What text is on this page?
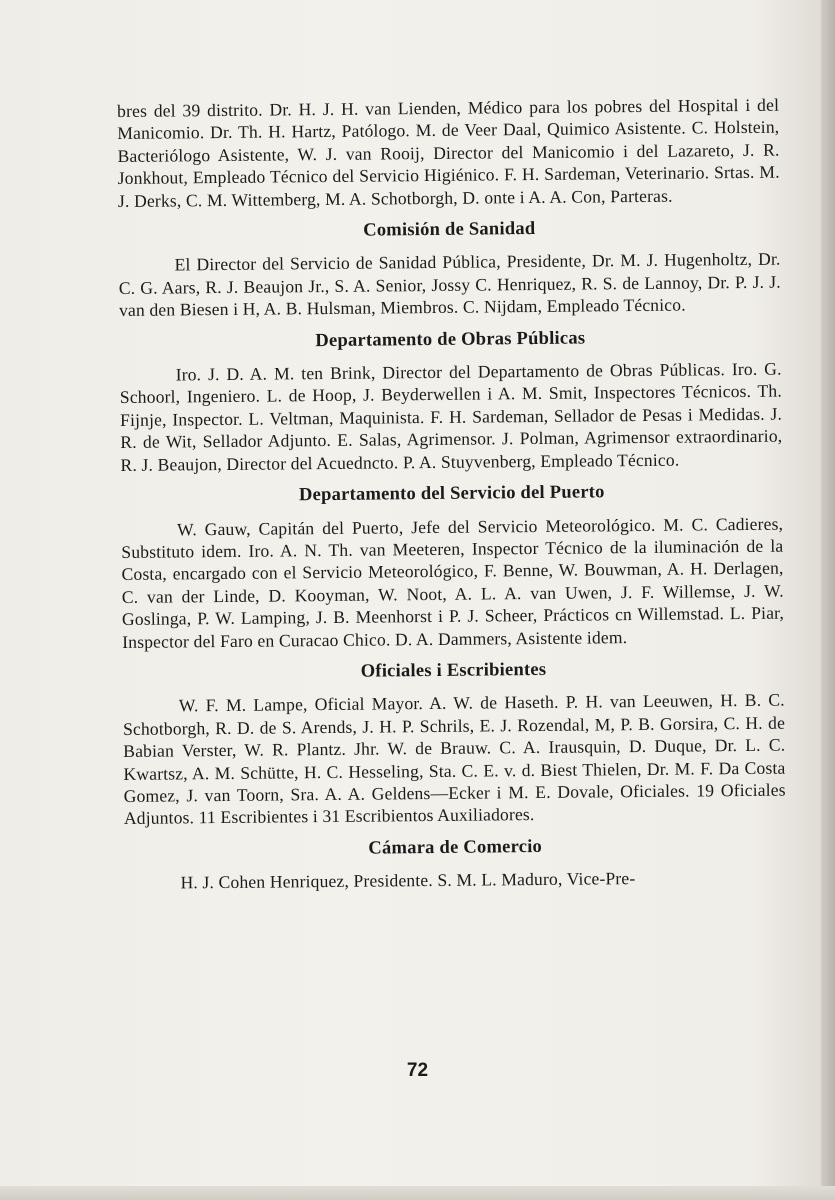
bres del 39 distrito. Dr. H. J. H. van Lienden, Médico para los pobres del Hospital i del Manicomio. Dr. Th. H. Hartz, Patólogo. M. de Veer Daal, Quimico Asistente. C. Holstein, Bacteriólogo Asistente, W. J. van Rooij, Director del Manicomio i del Lazareto, J. R. Jonkhout, Empleado Técnico del Servicio Higiénico. F. H. Sardeman, Veterinario. Srtas. M. J. Derks, C. M. Wittemberg, M. A. Schotborgh, D. onte i A. A. Con, Parteras.

Comisión de Sanidad

El Director del Servicio de Sanidad Pública, Presidente, Dr. M. J. Hugenholtz, Dr. C. G. Aars, R. J. Beaujon Jr., S. A. Senior, Jossy C. Henriquez, R. S. de Lannoy, Dr. P. J. J. van den Biesen i H, A. B. Hulsman, Miembros. C. Nijdam, Empleado Técnico.

Departamento de Obras Públicas

Iro. J. D. A. M. ten Brink, Director del Departamento de Obras Públicas. Iro. G. Schoorl, Ingeniero. L. de Hoop, J. Beyderwellen i A. M. Smit, Inspectores Técnicos. Th. Fijnje, Inspector. L. Veltman, Maquinista. F. H. Sardeman, Sellador de Pesas i Medidas. J. R. de Wit, Sellador Adjunto. E. Salas, Agrimensor. J. Polman, Agrimensor extraordinario, R. J. Beaujon, Director del Acuedncto. P. A. Stuyvenberg, Empleado Técnico.

Departamento del Servicio del Puerto

W. Gauw, Capitán del Puerto, Jefe del Servicio Meteorológico. M. C. Cadieres, Substituto idem. Iro. A. N. Th. van Meeteren, Inspector Técnico de la iluminación de la Costa, encargado con el Servicio Meteorológico, F. Benne, W. Bouwman, A. H. Derlagen, C. van der Linde, D. Kooyman, W. Noot, A. L. A. van Uwen, J. F. Willemse, J. W. Goslinga, P. W. Lamping, J. B. Meenhorst i P. J. Scheer, Prácticos cn Willemstad. L. Piar, Inspector del Faro en Curacao Chico. D. A. Dammers, Asistente idem.

Oficiales i Escribientes

W. F. M. Lampe, Oficial Mayor. A. W. de Haseth. P. H. van Leeuwen, H. B. C. Schotborgh, R. D. de S. Arends, J. H. P. Schrils, E. J. Rozendal, M, P. B. Gorsira, C. H. de Babian Verster, W. R. Plantz. Jhr. W. de Brauw. C. A. Irausquin, D. Duque, Dr. L. C. Kwartsz, A. M. Schütte, H. C. Hesseling, Sta. C. E. v. d. Biest Thielen, Dr. M. F. Da Costa Gomez, J. van Toorn, Sra. A. A. Geldens—Ecker i M. E. Dovale, Oficiales. 19 Oficiales Adjuntos. 11 Escribientes i 31 Escribientos Auxiliadores.

Cámara de Comercio

H. J. Cohen Henriquez, Presidente. S. M. L. Maduro, Vice-Pre-

72
